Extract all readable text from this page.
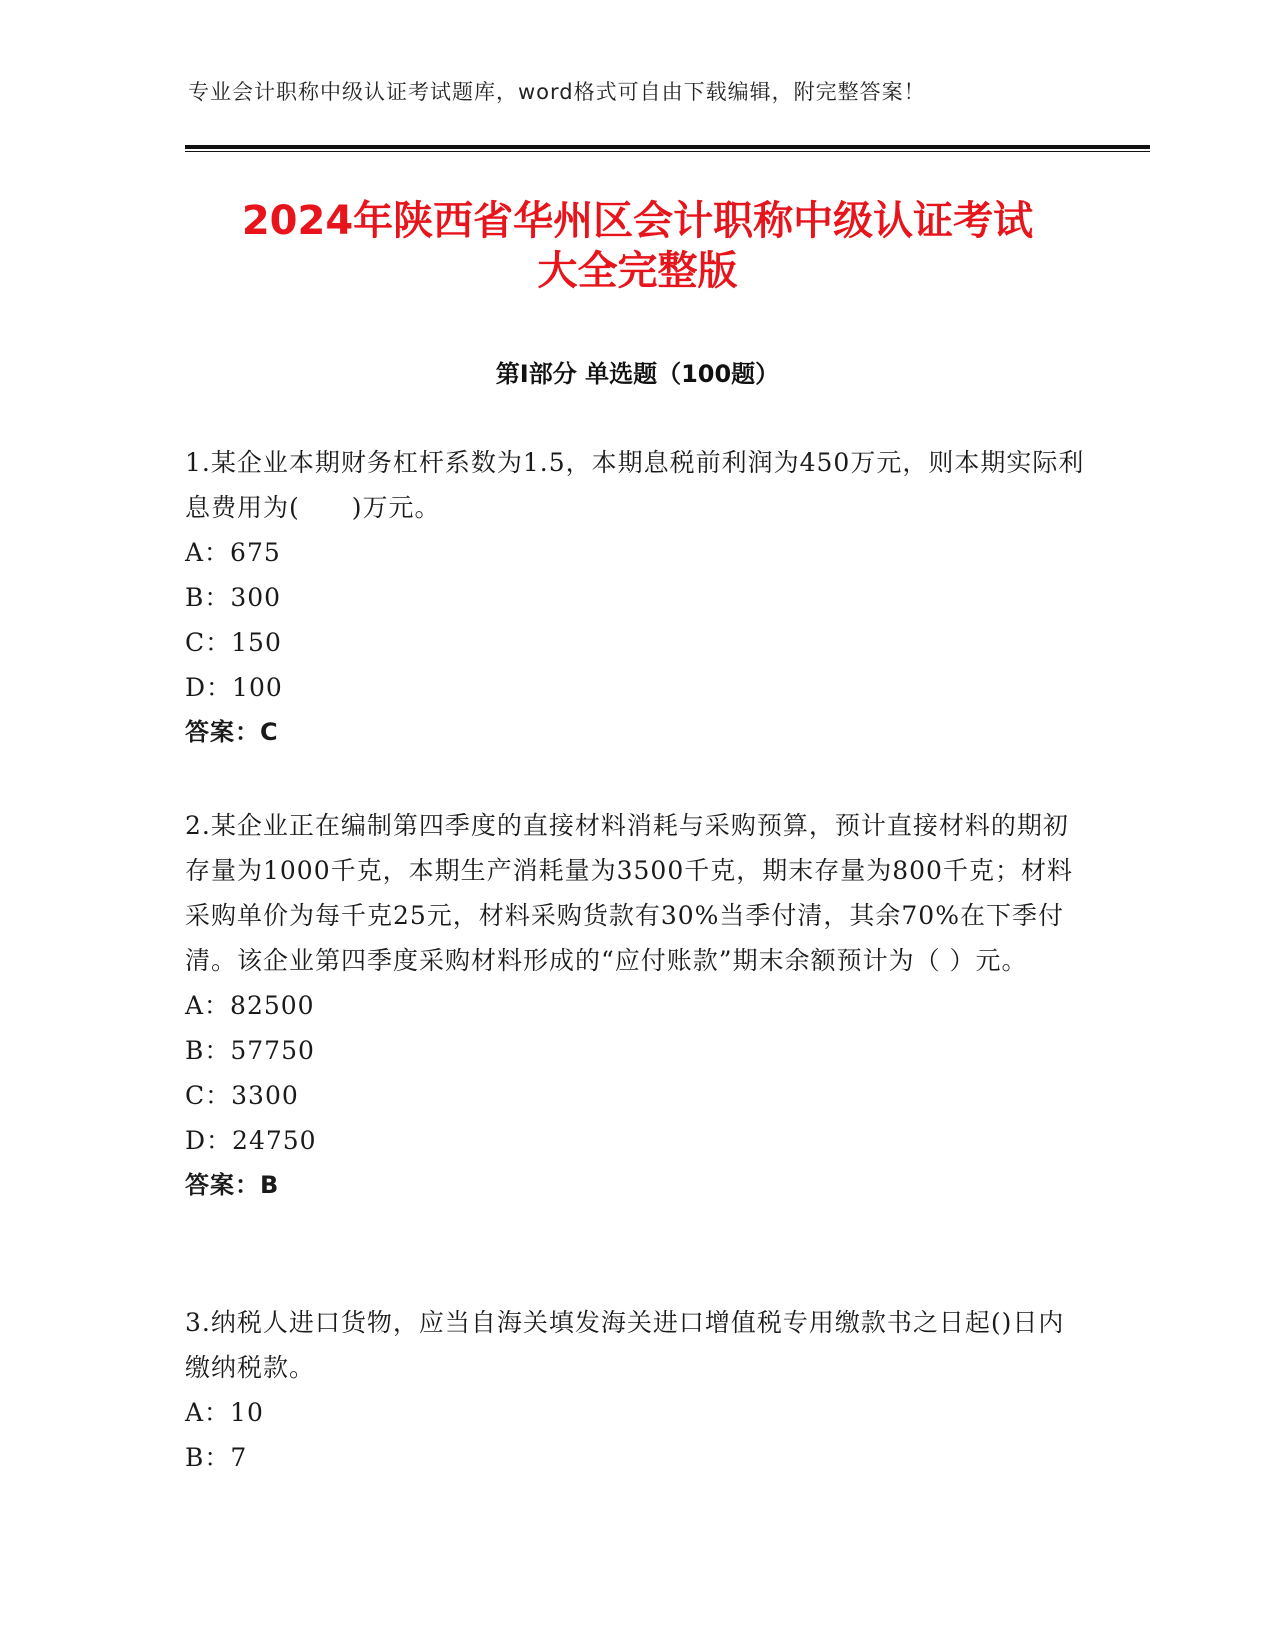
专业会计职称中级认证考试题库，word格式可自由下载编辑，附完整答案！
2024年陕西省华州区会计职称中级认证考试
大全完整版
第Ⅰ部分 单选题（100题）

1.某企业本期财务杠杆系数为1.5，本期息税前利润为450万元，则本期实际利息费用为(　　)万元。

A：675

B：300

C：150

D：100

答案：C

2.某企业正在编制第四季度的直接材料消耗与采购预算，预计直接材料的期初存量为1000千克，本期生产消耗量为3500千克，期末存量为800千克；材料采购单价为每千克25元，材料采购货款有30%当季付清，其余70%在下季付清。该企业第四季度采购材料形成的“应付账款”期末余额预计为（ ）元。

A：82500

B：57750

C：3300

D：24750

答案：B

3.纳税人进口货物，应当自海关填发海关进口增值税专用缴款书之日起()日内缴纳税款。

A：10

B：7
